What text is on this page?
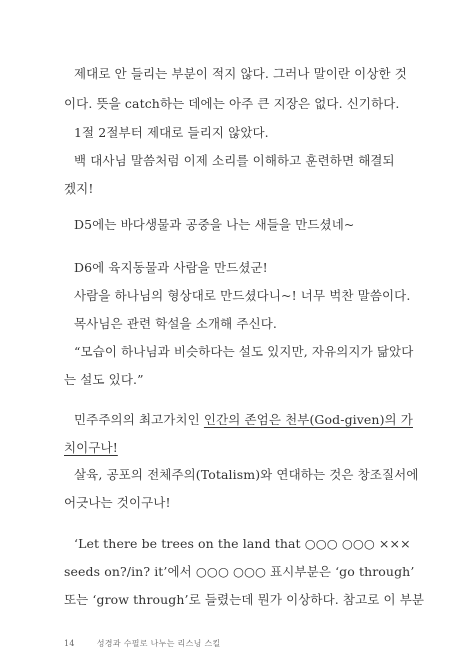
제대로 안 들리는 부분이 적지 않다. 그러나 말이란 이상한 것
이다. 뜻을 catch하는 데에는 아주 큰 지장은 없다. 신기하다.
1절 2절부터 제대로 들리지 않았다.
백 대사님 말씀처럼 이제 소리를 이해하고 훈련하면 해결되
겠지!
D5에는 바다생물과 공중을 나는 새들을 만드셨네~
D6에 육지동물과 사람을 만드셨군!
사람을 하나님의 형상대로 만드셨다니~! 너무 벅찬 말씀이다.
목사님은 관련 학설을 소개해 주신다.
“모습이 하나님과 비슷하다는 설도 있지만, 자유의지가 닮았다
는 설도 있다.”
민주주의의 최고가치인 인간의 존엄은 천부(God-given)의 가
치이구나!
살육, 공포의 전체주의(Totalism)와 연대하는 것은 창조질서에
어긋나는 것이구나!
‘Let there be trees on the land that ○○○ ○○○ ×××
seeds on?/in? it’에서 ○○○ ○○○ 표시부분은 ‘go through’
또는 ‘grow through’로 들렸는데 뭔가 이상하다. 참고로 이 부분
14	성경과 수필로 나누는 리스닝 스킬
